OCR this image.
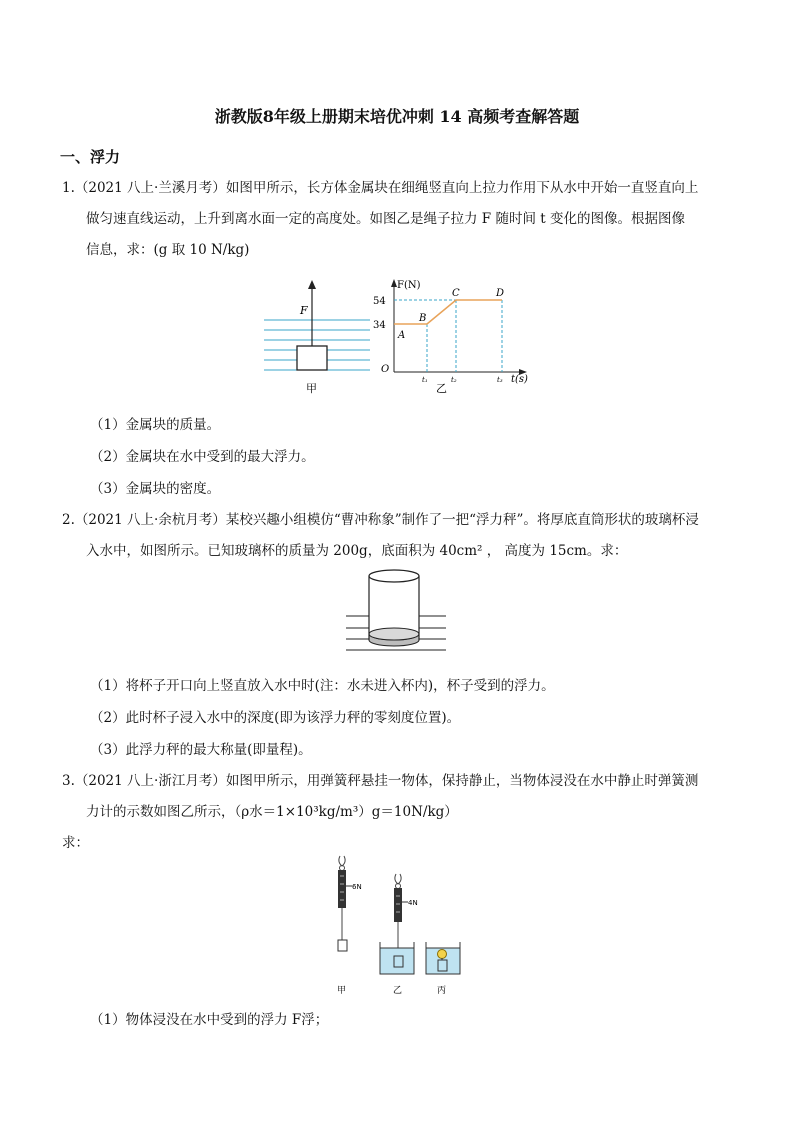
浙教版8年级上册期末培优冲刺 14 高频考查解答题
一、浮力
1.（2021 八上·兰溪月考）如图甲所示，长方体金属块在细绳竖直向上拉力作用下从水中开始一直竖直向上
做匀速直线运动，上升到离水面一定的高度处。如图乙是绳子拉力 F 随时间 t 变化的图像。根据图像
信息，求：(g 取 10 N/kg)
F
甲
F(N)
54
34
A
B
C	D
O
t₁	t₂	t₃ t(s)
乙
（1）金属块的质量。
（2）金属块在水中受到的最大浮力。
（3）金属块的密度。
2.（2021 八上·余杭月考）某校兴趣小组模仿“曹冲称象”制作了一把“浮力秤”。将厚底直筒形状的玻璃杯浸
入水中，如图所示。已知玻璃杯的质量为 200g，底面积为 40cm² ， 高度为 15cm。求：
（1）将杯子开口向上竖直放入水中时(注：水未进入杯内)，杯子受到的浮力。
（2）此时杯子浸入水中的深度(即为该浮力秤的零刻度位置)。
（3）此浮力秤的最大称量(即量程)。
3.（2021 八上·浙江月考）如图甲所示，用弹簧秤悬挂一物体，保持静止，当物体浸没在水中静止时弹簧测
力计的示数如图乙所示，（ρ水＝1×10³kg/m³）g＝10N/kg）
求：
6N
甲
4N
乙	丙
（1）物体浸没在水中受到的浮力 F浮；
